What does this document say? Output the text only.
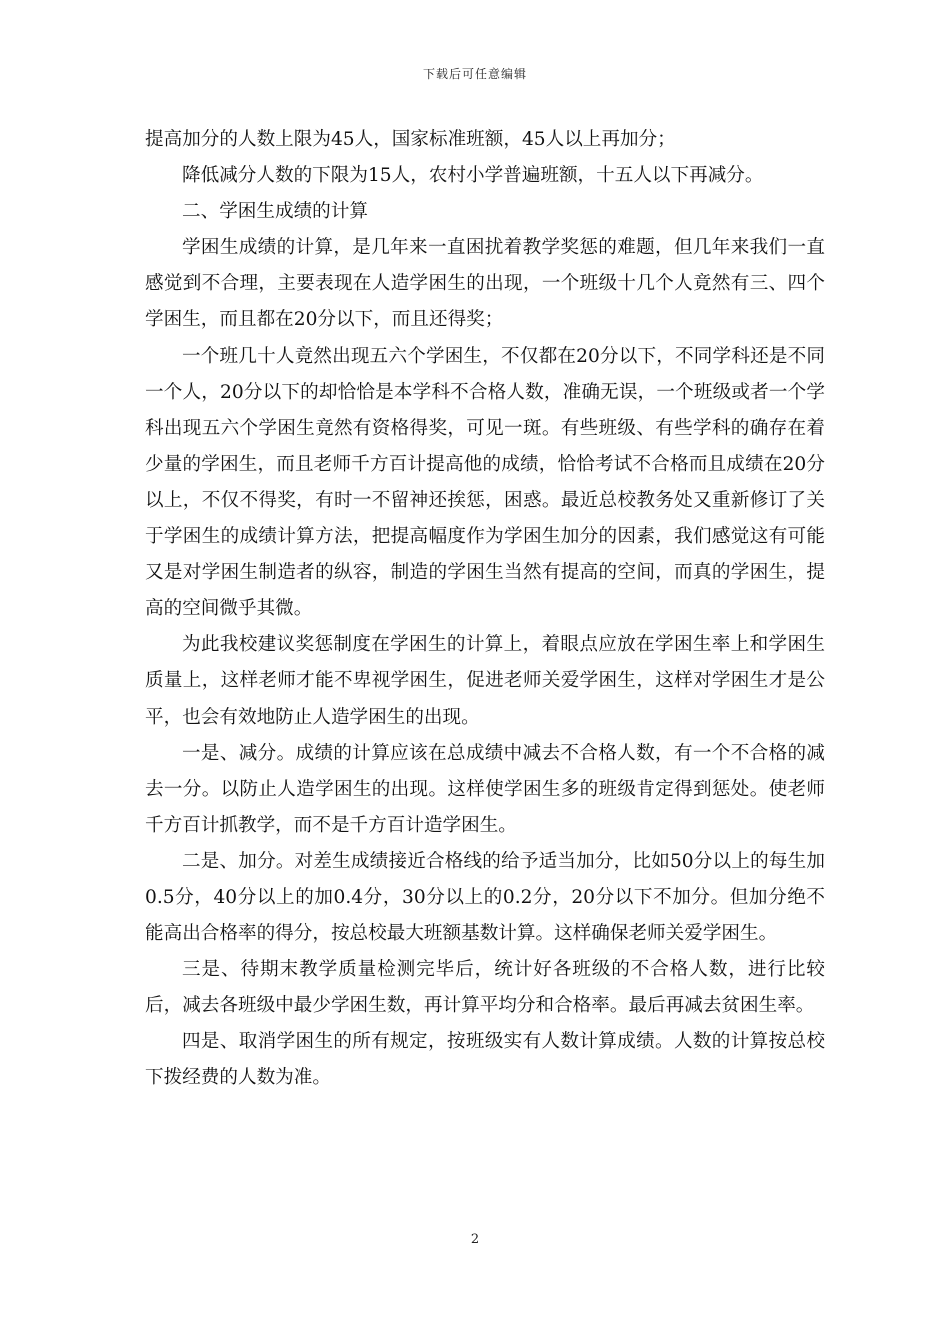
下载后可任意编辑

提高加分的人数上限为45人，国家标准班额，45人以上再加分；

降低减分人数的下限为15人，农村小学普遍班额，十五人以下再减分。

二、学困生成绩的计算

学困生成绩的计算，是几年来一直困扰着教学奖惩的难题，但几年来我们一直感觉到不合理，主要表现在人造学困生的出现，一个班级十几个人竟然有三、四个学困生，而且都在20分以下，而且还得奖；

一个班几十人竟然出现五六个学困生，不仅都在20分以下，不同学科还是不同一个人，20分以下的却恰恰是本学科不合格人数，准确无误，一个班级或者一个学科出现五六个学困生竟然有资格得奖，可见一斑。有些班级、有些学科的确存在着少量的学困生，而且老师千方百计提高他的成绩，恰恰考试不合格而且成绩在20分以上，不仅不得奖，有时一不留神还挨惩，困惑。最近总校教务处又重新修订了关于学困生的成绩计算方法，把提高幅度作为学困生加分的因素，我们感觉这有可能又是对学困生制造者的纵容，制造的学困生当然有提高的空间，而真的学困生，提高的空间微乎其微。

为此我校建议奖惩制度在学困生的计算上，着眼点应放在学困生率上和学困生质量上，这样老师才能不卑视学困生，促进老师关爱学困生，这样对学困生才是公平，也会有效地防止人造学困生的出现。

一是、减分。成绩的计算应该在总成绩中减去不合格人数，有一个不合格的减去一分。以防止人造学困生的出现。这样使学困生多的班级肯定得到惩处。使老师千方百计抓教学，而不是千方百计造学困生。

二是、加分。对差生成绩接近合格线的给予适当加分，比如50分以上的每生加0.5分，40分以上的加0.4分，30分以上的0.2分，20分以下不加分。但加分绝不能高出合格率的得分，按总校最大班额基数计算。这样确保老师关爱学困生。

三是、待期末教学质量检测完毕后，统计好各班级的不合格人数，进行比较后，减去各班级中最少学困生数，再计算平均分和合格率。最后再减去贫困生率。

四是、取消学困生的所有规定，按班级实有人数计算成绩。人数的计算按总校下拨经费的人数为准。

2
